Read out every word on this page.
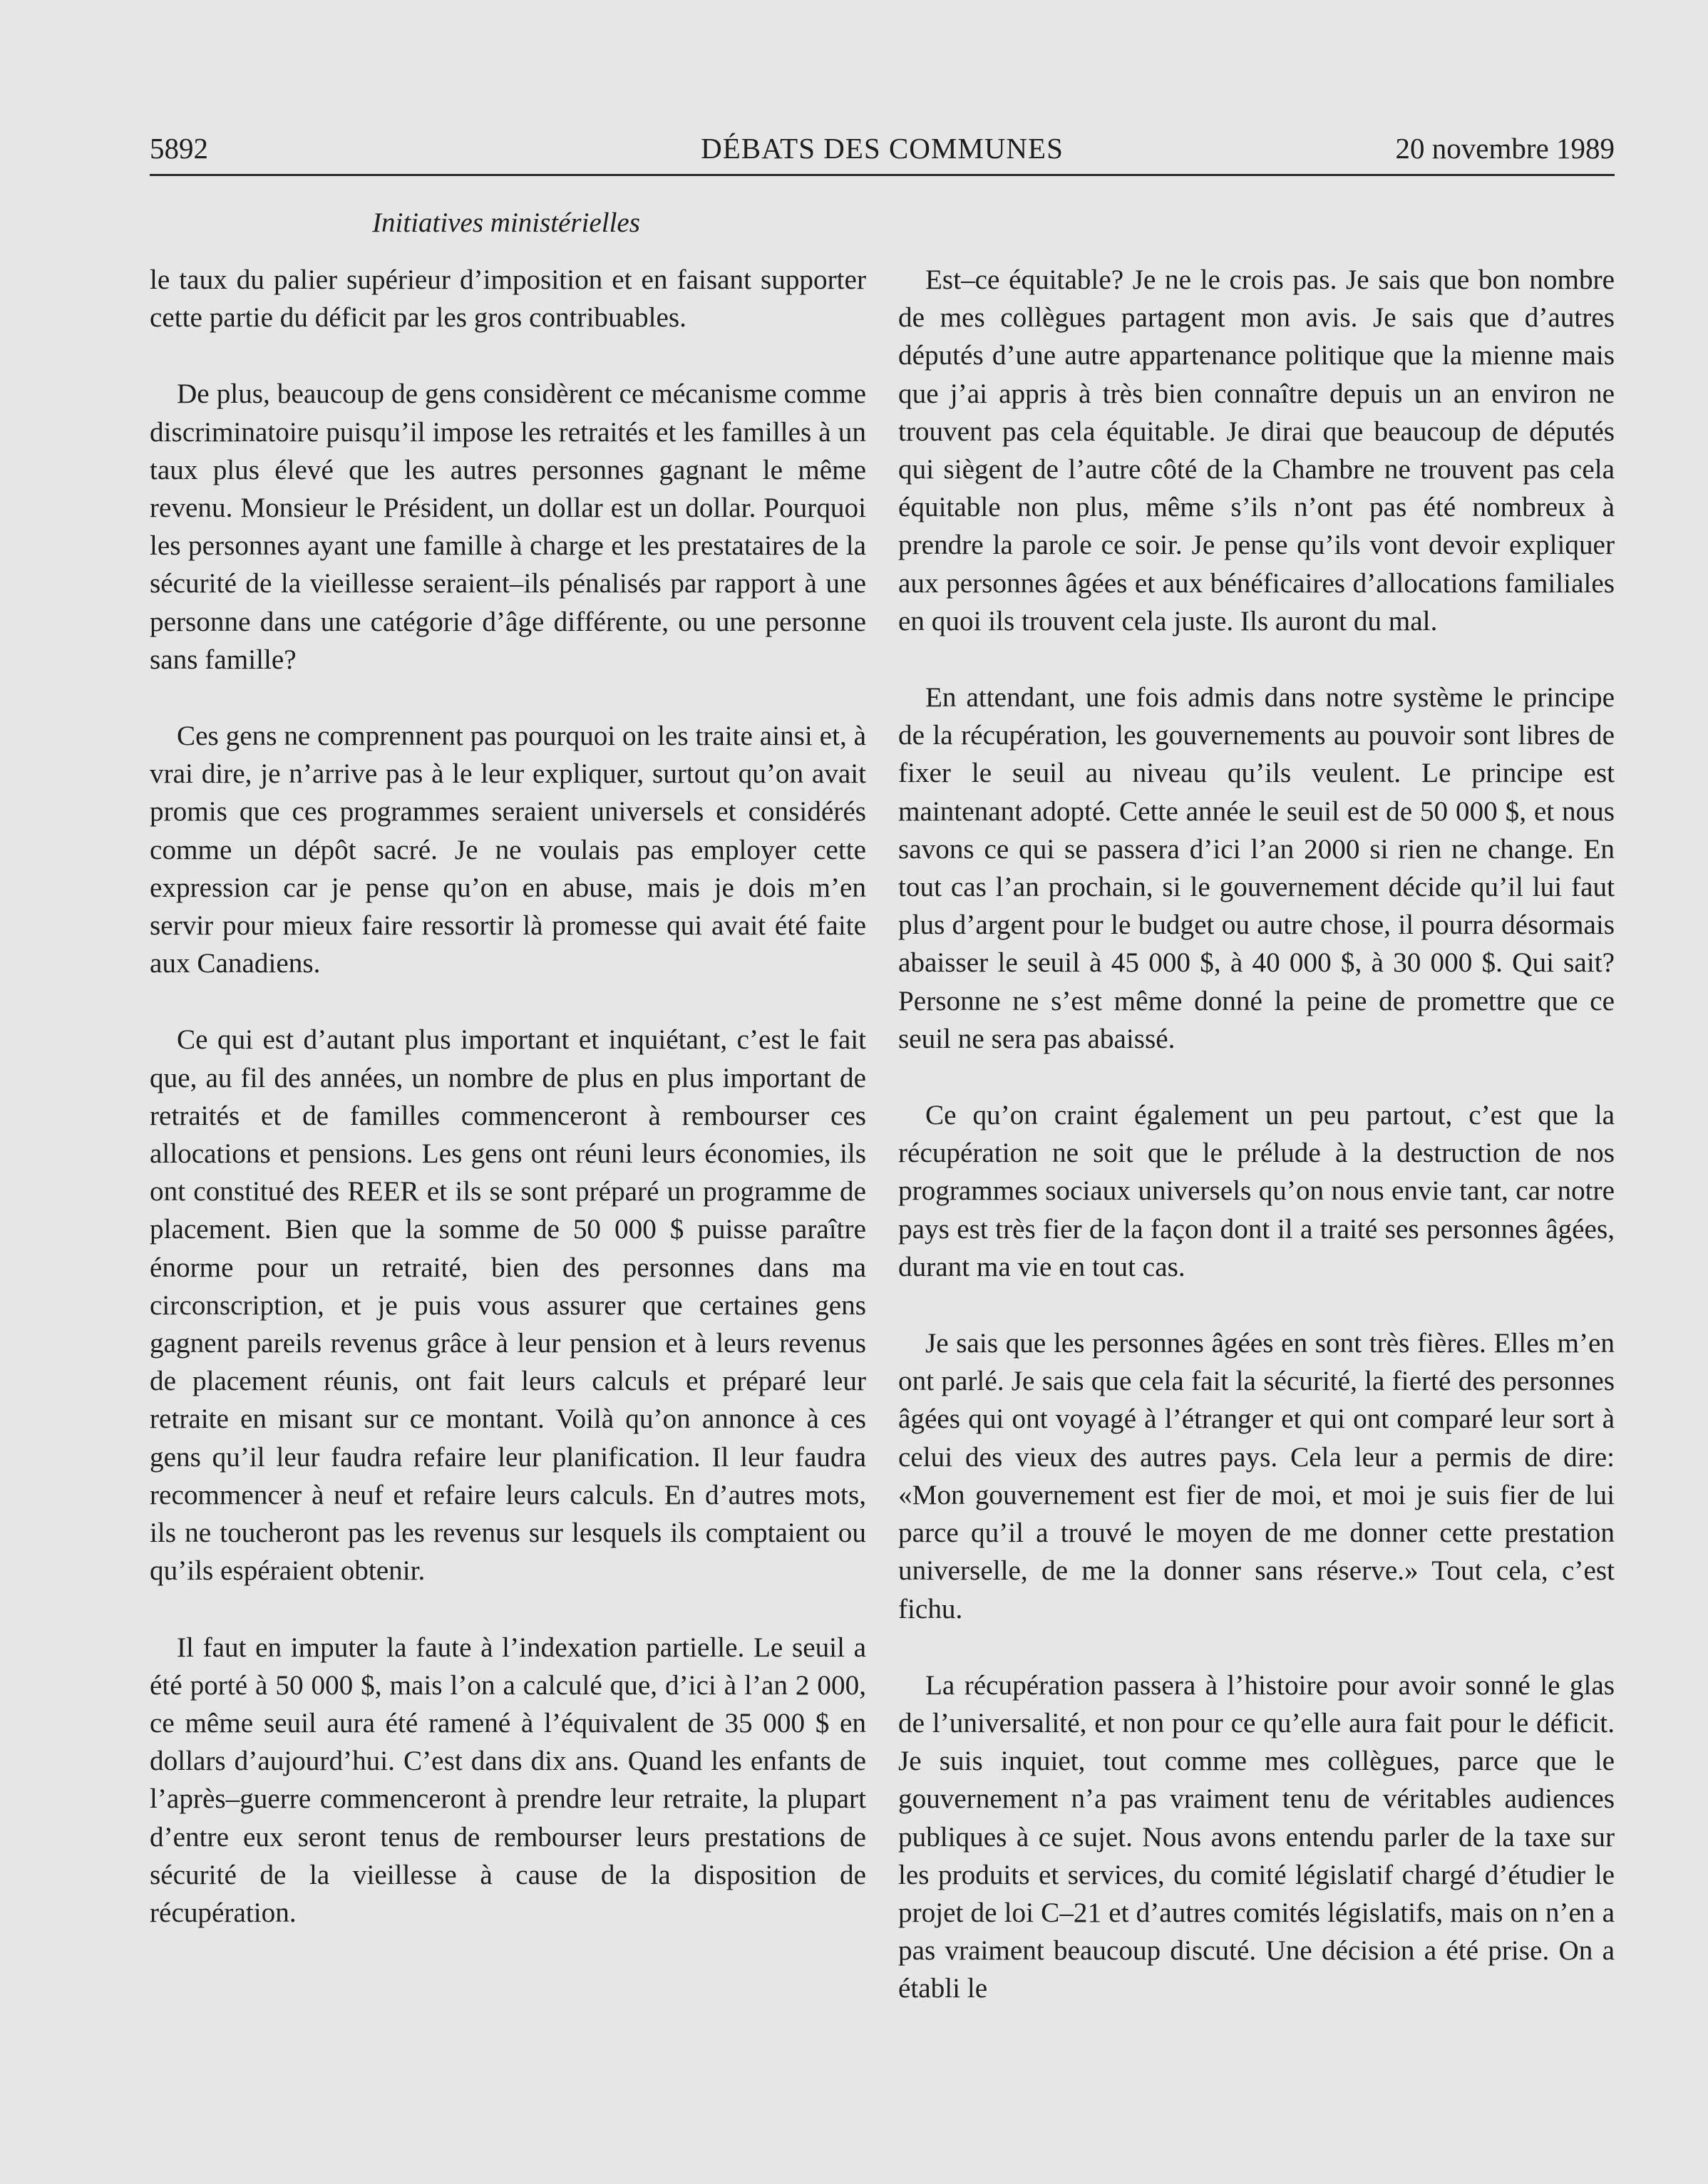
DÉBATS DES COMMUNES
5892	20 novembre 1989
Initiatives ministérielles

le taux du palier supérieur d’imposition et en faisant supporter cette partie du déficit par les gros contribuables.

De plus, beaucoup de gens considèrent ce mécanisme comme discriminatoire puisqu’il impose les retraités et les familles à un taux plus élevé que les autres personnes gagnant le même revenu. Monsieur le Président, un dollar est un dollar. Pourquoi les personnes ayant une famille à charge et les prestataires de la sécurité de la vieillesse seraient–ils pénalisés par rapport à une personne dans une catégorie d’âge différente, ou une personne sans famille?

Ces gens ne comprennent pas pourquoi on les traite ainsi et, à vrai dire, je n’arrive pas à le leur expliquer, surtout qu’on avait promis que ces programmes seraient universels et considérés comme un dépôt sacré. Je ne voulais pas employer cette expression car je pense qu’on en abuse, mais je dois m’en servir pour mieux faire ressortir là promesse qui avait été faite aux Canadiens.

Ce qui est d’autant plus important et inquiétant, c’est le fait que, au fil des années, un nombre de plus en plus important de retraités et de familles commenceront à rembourser ces allocations et pensions. Les gens ont réuni leurs économies, ils ont constitué des REER et ils se sont préparé un programme de placement. Bien que la somme de 50 000 $ puisse paraître énorme pour un retraité, bien des personnes dans ma circonscription, et je puis vous assurer que certaines gens gagnent pareils revenus grâce à leur pension et à leurs revenus de placement réunis, ont fait leurs calculs et préparé leur retraite en misant sur ce montant. Voilà qu’on annonce à ces gens qu’il leur faudra refaire leur planification. Il leur faudra recommencer à neuf et refaire leurs calculs. En d’autres mots, ils ne toucheront pas les revenus sur lesquels ils comptaient ou qu’ils espéraient obtenir.

Il faut en imputer la faute à l’indexation partielle. Le seuil a été porté à 50 000 $, mais l’on a calculé que, d’ici à l’an 2 000, ce même seuil aura été ramené à l’équivalent de 35 000 $ en dollars d’aujourd’hui. C’est dans dix ans. Quand les enfants de l’après–guerre commenceront à prendre leur retraite, la plupart d’entre eux seront tenus de rembourser leurs prestations de sécurité de la vieillesse à cause de la disposition de récupération.

Est–ce équitable? Je ne le crois pas. Je sais que bon nombre de mes collègues partagent mon avis. Je sais que d’autres députés d’une autre appartenance politique que la mienne mais que j’ai appris à très bien connaître depuis un an environ ne trouvent pas cela équitable. Je dirai que beaucoup de députés qui siègent de l’autre côté de la Chambre ne trouvent pas cela équitable non plus, même s’ils n’ont pas été nombreux à prendre la parole ce soir. Je pense qu’ils vont devoir expliquer aux personnes âgées et aux bénéficaires d’allocations familiales en quoi ils trouvent cela juste. Ils auront du mal.

En attendant, une fois admis dans notre système le principe de la récupération, les gouvernements au pouvoir sont libres de fixer le seuil au niveau qu’ils veulent. Le principe est maintenant adopté. Cette année le seuil est de 50 000 $, et nous savons ce qui se passera d’ici l’an 2000 si rien ne change. En tout cas l’an prochain, si le gouvernement décide qu’il lui faut plus d’argent pour le budget ou autre chose, il pourra désormais abaisser le seuil à 45 000 $, à 40 000 $, à 30 000 $. Qui sait? Personne ne s’est même donné la peine de promettre que ce seuil ne sera pas abaissé.

Ce qu’on craint également un peu partout, c’est que la récupération ne soit que le prélude à la destruction de nos programmes sociaux universels qu’on nous envie tant, car notre pays est très fier de la façon dont il a traité ses personnes âgées, durant ma vie en tout cas.

Je sais que les personnes âgées en sont très fières. Elles m’en ont parlé. Je sais que cela fait la sécurité, la fierté des personnes âgées qui ont voyagé à l’étranger et qui ont comparé leur sort à celui des vieux des autres pays. Cela leur a permis de dire: «Mon gouvernement est fier de moi, et moi je suis fier de lui parce qu’il a trouvé le moyen de me donner cette prestation universelle, de me la donner sans réserve.» Tout cela, c’est fichu.

La récupération passera à l’histoire pour avoir sonné le glas de l’universalité, et non pour ce qu’elle aura fait pour le déficit. Je suis inquiet, tout comme mes collègues, parce que le gouvernement n’a pas vraiment tenu de véritables audiences publiques à ce sujet. Nous avons entendu parler de la taxe sur les produits et services, du comité législatif chargé d’étudier le projet de loi C–21 et d’autres comités législatifs, mais on n’en a pas vraiment beaucoup discuté. Une décision a été prise. On a établi le
